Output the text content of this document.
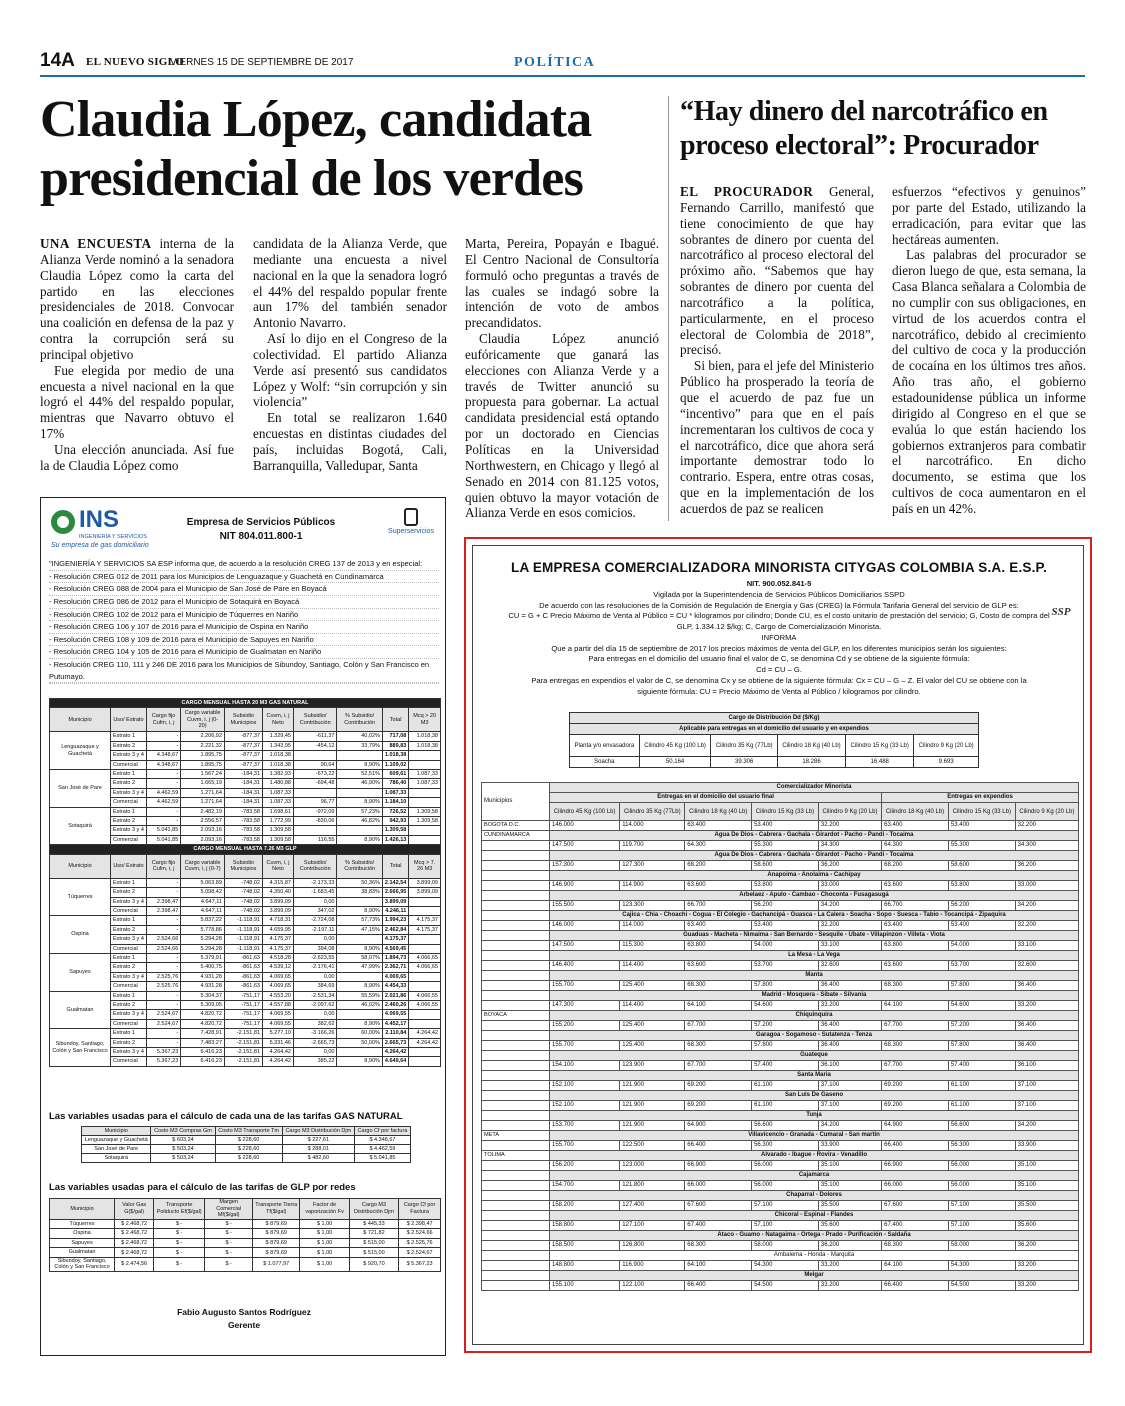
14A EL NUEVO SIGLO
VIERNES 15 DE SEPTIEMBRE DE 2017	POLÍTICA
Claudia López, candidata presidencial de los verdes

UNA ENCUESTA interna de la Alianza Verde nominó a la senadora Claudia López como la carta del partido en las elecciones presidenciales de 2018. Convocar una coalición en defensa de la paz y contra la corrupción será su principal objetivo

Fue elegida por medio de una encuesta a nivel nacional en la que logró el 44% del respaldo popular, mientras que Navarro obtuvo el 17%

Una elección anunciada. Así fue la de Claudia López como

candidata de la Alianza Verde, que mediante una encuesta a nivel nacional en la que la senadora logró el 44% del respaldo popular frente aun 17% del también senador Antonio Navarro.

Así lo dijo en el Congreso de la colectividad. El partido Alianza Verde así presentó sus candidatos López y Wolf: “sin corrupción y sin violencia”

En total se realizaron 1.640 encuestas en distintas ciudades del país, incluidas Bogotá, Cali, Barranquilla, Valledupar, Santa

Marta, Pereira, Popayán e Ibagué. El Centro Nacional de Consultoría formuló ocho preguntas a través de las cuales se indagó sobre la intención de voto de ambos precandidatos.

Claudia López anunció eufóricamente que ganará las elecciones con Alianza Verde y a través de Twitter anunció su propuesta para gobernar. La actual candidata presidencial está optando por un doctorado en Ciencias Políticas en la Universidad Northwestern, en Chicago y llegó al Senado en 2014 con 81.125 votos, quien obtuvo la mayor votación de Alianza Verde en esos comicios.

“Hay dinero del narcotráfico en proceso electoral”: Procurador

EL PROCURADOR General, Fernando Carrillo, manifestó que tiene conocimiento de que hay sobrantes de dinero por cuenta del narcotráfico al proceso electoral del próximo año. “Sabemos que hay sobrantes de dinero por cuenta del narcotráfico a la política, particularmente, en el proceso electoral de Colombia de 2018”, precisó.

Si bien, para el jefe del Ministerio Público ha prosperado la teoría de que el acuerdo de paz fue un “incentivo” para que en el país incrementaran los cultivos de coca y el narcotráfico, dice que ahora será importante demostrar todo lo contrario. Espera, entre otras cosas, que en la implementación de los acuerdos de paz se realicen

esfuerzos “efectivos y genuinos” por parte del Estado, utilizando la erradicación, para evitar que las hectáreas aumenten.

Las palabras del procurador se dieron luego de que, esta semana, la Casa Blanca señalara a Colombia de no cumplir con sus obligaciones, en virtud de los acuerdos contra el narcotráfico, debido al crecimiento del cultivo de coca y la producción de cocaína en los últimos tres años. Año tras año, el gobierno estadounidense pública un informe dirigido al Congreso en el que se evalúa lo que están haciendo los gobiernos extranjeros para combatir el narcotráfico. En dicho documento, se estima que los cultivos de coca aumentaron en el país en un 42%.

INS
INGENIERÍA Y SERVICIOS
Su empresa de gas domiciliario
Empresa de Servicios Públicos
NIT 804.011.800-1	Superservicios
"INGENIERÍA Y SERVICIOS SA ESP informa que, de acuerdo a la resolución CREG 137 de 2013 y en especial:
- Resolución CREG 012 de 2011 para los Municipios de Lenguazaque y Guachetá en Cundinamarca
- Resolución CREG 088 de 2004 para el Municipio de San José de Pare en Boyacá
- Resolución CREG 086 de 2012 para el Municipio de Sotaquirá en Boyacá
- Resolución CREG 102 de 2012 para el Municipio de Túquerres en Nariño
- Resolución CREG 106 y 107 de 2016 para el Municipio de Ospina en Nariño
- Resolución CREG 108 y 109 de 2016 para el Municipio de Sapuyes en Nariño
- Resolución CREG 104 y 105 de 2016 para el Municipio de Gualmatan en Nariño
- Resolución CREG 110, 111 y 246 DE 2016 para los Municipios de Sibundoy, Santiago, Colón y San Francisco en Putumayo.
CARGO MENSUAL HASTA 20 M3 GAS NATURAL									
Municipio	Uso/ Estrato	Cargo fijo Cufm, i, j	Cargo variable Cuvm, i, j (0-20)	Subsidio Municipios	Cuvm, i, j Neto	Subsidio/ Contribución	% Subsidio/ Contribución	Total	Mcq > 20 M3
Lenguazaque y Guachetá	Estrato 1	-	2.206,92	-877,37	1.329,45	-611,37	40,02%	717,08	1.018,38
	Estrato 2	-	2.221,32	-877,37	1.343,95	-454,12	33,79%	889,83	1.018,38
	Estrato 3 y 4	4.348,67	1.895,75	-877,37	1.018,38			1.018,38	
	Comercial	4.348,67	1.895,75	-877,37	1.018,38	90,64	8,90%	1.109,02	
San José de Pare	Estrato 1	-	1.567,24	-184,31	1.382,93	-673,22	52,51%	609,61	1.087,33
	Estrato 2	-	1.665,19	-184,31	1.480,88	-694,48	46,90%	786,40	1.087,33
	Estrato 3 y 4	4.462,59	1.271,64	-184,31	1.087,33			1.087,33	
	Comercial	4.462,59	1.271,64	-184,31	1.087,33	96,77	8,90%	1.184,10	
Sotaquirá	Estrato 1	-	2.482,19	-783,58	1.698,61	-972,09	57,23%	726,52	1.309,58
	Estrato 2	-	2.556,57	-783,58	1.772,99	-830,06	46,82%	942,93	1.309,58
	Estrato 3 y 4	5.041,85	2.093,16	-783,58	1.309,58			1.309,58	
	Comercial	5.041,85	2.093,16	-783,58	1.309,58	116,55	8,90%	1.426,13	
CARGO MENSUAL HASTA 7.26 M3 GLP									
Municipio	Uso/ Estrato	Cargo fijo Cufm, i, j	Cargo variable Cuvm, i, j (0-7)	Subsidio Municipios	Cuvm, i, j Neto	Subsidio/ Contribución	% Subsidio/ Contribución	Total	Mcq > 7. 26 M3
Túquerres	Estrato 1	-	5.063,89	-748,02	4.315,87	-2.173,33	50,36%	2.142,54	3.899,09
	Estrato 2	-	5.098,42	-748,02	4.350,40	-1.683,45	38,83%	2.666,95	3.899,09
	Estrato 3 y 4	2.398,47	4.647,11	-748,02	3.899,09	0,00		3.899,09	
	Comercial	2.398,47	4.647,11	-748,02	3.899,09	347,02	8,90%	4.246,11	
Ospina	Estrato 1	-	5.837,22	-1.118,91	4.718,31	-2.724,08	57,73%	1.994,23	4.175,37
	Estrato 2	-	5.778,86	-1.118,91	4.659,95	-2.197,11	47,15%	2.462,84	4.175,37
	Estrato 3 y 4	2.524,66	5.294,28	-1.118,91	4.175,37	0,00		4.175,37	
	Comercial	2.524,66	5.294,28	-1.118,91	4.175,37	394,08	8,90%	4.569,45	
Sapuyes	Estrato 1	-	5.379,91	-861,63	4.518,28	-2.623,55	58,07%	1.894,73	4.066,65
	Estrato 2	-	5.400,75	-861,63	4.539,12	-2.176,41	47,99%	2.362,71	4.066,65
	Estrato 3 y 4	2.525,76	4.931,28	-861,63	4.069,65	0,00		4.069,65	
	Comercial	2.525,76	4.931,28	-861,63	4.069,65	384,69	8,90%	4.454,33	
Gualmatan	Estrato 1	-	5.304,37	-751,17	4.553,20	-2.531,34	55,59%	2.021,86	4.066,55
	Estrato 2	-	5.309,05	-751,17	4.557,88	-2.097,62	46,02%	2.460,26	4.066,55
	Estrato 3 y 4	2.524,67	4.820,72	-751,17	4.069,55	0,00		4.069,55	
	Comercial	2.524,67	4.820,72	-751,17	4.069,55	382,62	8,90%	4.452,17	
Sibundoy, Santiago, Colón y San Francisco	Estrato 1	-	7.428,91	-2.151,81	5.277,10	-3.166,26	60,00%	2.110,84	4.264,42
	Estrato 2	-	7.483,27	-2.151,81	5.331,46	-2.665,73	50,00%	2.665,73	4.264,42
	Estrato 3 y 4	5.367,23	6.416,23	-2.151,81	4.264,42	0,00		4.264,42	
	Comercial	5.367,23	6.416,23	-2.151,81	4.264,42	385,22	8,90%	4.649,64	
Las variables usadas para el cálculo de cada una de las tarifas GAS NATURAL
Municipio	Costo M3 Compras Gm	Costo M3 Transporte Tm	Cargo M3 Distribución Djm	Cargo Cf por factura
Lenguazaque y Guachetá	$ 603,24	$ 228,60	$ 227,61	$ 4.348,67
San José de Pare	$ 503,24	$ 228,60	$ 288,01	$ 4.462,59
Sotaquirá	$ 503,24	$ 228,60	$ 482,60	$ 5.041,85
Las variables usadas para el cálculo de las tarifas de GLP por redes
Municipio	Valor Gas G($/gal)	Transporte Poliducto Ef($/gal)	Margen Comercial Mf($/gal)	Transporte Tierra Tf($/gal)	Factor de vaporización Fv	Cargo M3 Distribución Djm	Cargo Cf por Factura
Túquerres	$ 2.468,72	$ -	$ -	$ 879,69	$ 1,00	$ 445,33	$ 2.398,47
Ospina	$ 2.468,72	$ -	$ -	$ 879,69	$ 1,00	$ 721,82	$ 2.524,66
Sapuyes	$ 2.468,72	$ -	$ -	$ 879,69	$ 1,00	$ 515,00	$ 2.525,76
Gualmatan	$ 2.468,72	$ -	$ -	$ 879,69	$ 1,00	$ 515,00	$ 2.524,67
Sibundoy, Santiago, Colón y San Francisco	$ 2.474,56	$ -	$ -	$ 1.077,97	$ 1,00	$ 920,70	$ 5.367,23
Fabio Augusto Santos Rodríguez
Gerente
LA EMPRESA COMERCIALIZADORA MINORISTA CITYGAS COLOMBIA S.A. E.S.P.
NIT. 900.052.841-5
Vigilada por la Superintendencia de Servicios Públicos Domiciliarios SSPD
De acuerdo con las resoluciones de la Comisión de Regulación de Energía y Gas (CREG) la Fórmula Tarifaria General del servicio de GLP es:
CU = G + C Precio Máximo de Venta al Público = CU * kilogramos por cilindro; Donde CU, es el costo unitario de prestación del servicio; G, Costo de compra del GLP, 1.334.12 $/kg; C, Cargo de Comercialización Minorista.
INFORMA
Que a partir del día 15 de septiembre de 2017 los precios máximos de venta del GLP, en los diferentes municipios serán los siguientes:
Para entregas en el domicilio del usuario final el valor de C, se denomina Cd y se obtiene de la siguiente fórmula:
Cd = CU – G.
Para entregas en expendios el valor de C, se denomina Cx y se obtiene de la siguiente fórmula: Cx = CU – G – Z. El valor del CU se obtiene con la siguiente fórmula: CU = Precio Máximo de Venta al Público / kilogramos por cilindro.
SSP
Cargo de Distribución Dd ($/Kg)					
Aplicable para entregas en el domicilio del usuario y en expendios					
Planta y/o envasadora	Cilindro 45 Kg (100 Lb)	Cilindro 35 Kg (77Lb)	Cilindro 18 Kg (40 Lb)	Cilindro 15 Kg (33 Lb)	Cilindro 9 Kg (20 Lb)
Soacha	50.164	39.306	18.286	16.488	9.693
Municipios	Comercializador Minorista							
	Entregas en el domicilio del usuario final					Entregas en expendios		
	Cilindro 45 Kg (100 Lb)	Cilindro 35 Kg (77Lb)	Cilindro 18 Kg (40 Lb)	Cilindro 15 Kg (33 Lb)	Cilindro 9 Kg (20 Lb)	Cilindro 18 Kg (40 Lb)	Cilindro 15 Kg (33 Lb)	Cilindro 9 Kg (20 Lb)
BOGOTA D.C.	146.000	114.000	63.400	53.400	32.200	63.400	53.400	32.200
CUNDINAMARCA	Agua De Dios - Cabrera - Gachala - Girardot - Pacho - Pandi - Tocaima							
	147.500	119.700	64.300	55.300	34.300	64.300	55.300	34.300
	Agua De Dios - Cabrera - Gachala - Girardot - Pacho - Pandi - Tocaima							
	157.300	127.300	68.200	58.600	36.200	68.200	58.600	36.200
	Anapoima - Anolaima - Cachipay							
	146.900	114.900	63.600	53.800	33.000	63.600	53.800	33.000
	Arbelaez - Apulo - Cambao - Choconta - Fusagasugá							
	155.500	123.300	66.700	56.200	34.200	66.700	56.200	34.200
	Cajica - Chia - Choachi - Cogua - El Colegio - Gachancipá - Guasca - La Calera - Soacha - Sopo - Suesca - Tabio - Tocancipá - Zipaquira							
	146.000	114.000	63.400	53.400	32.200	63.400	53.400	32.200
	Guaduas - Macheta - Nimaima - San Bernardo - Sesquile - Ubate - Villapinzon - Villeta - Viota							
	147.500	115.300	63.800	54.000	33.100	63.800	54.000	33.100
	La Mesa - La Vega							
	146.400	114.400	63.600	53.700	32.600	63.600	53.700	32.600
	Manta							
	155.700	125.400	68.300	57.800	36.400	68.300	57.800	36.400
	Madrid - Mosquera - Sibate - Silvania							
	147.300	114.400	64.100	54.600	33.200	64.100	54.600	33.200
BOYACA	Chiquinquira							
	155.200	125.400	67.700	57.200	36.400	67.700	57.200	36.400
	Garagoa - Sogamoso - Sutatenza - Tenza							
	155.700	125.400	68.300	57.800	36.400	68.300	57.800	36.400
	Guateque							
	154.100	123.900	67.700	57.400	36.100	67.700	57.400	36.100
	Santa Maria							
	152.100	121.900	69.200	61.100	37.100	69.200	61.100	37.100
	San Luis De Gaseno							
	152.100	121.900	69.200	61.100	37.100	69.200	61.100	37.100
	Tunja							
	153.700	121.900	64.900	56.600	34.200	64.900	56.600	34.200
META	Villavicencio - Granada - Cumaral - San martin							
	155.700	122.500	66.400	56.300	33.900	66.400	56.300	33.900
TOLIMA	Alvarado - Ibague - Rovira - Venadillo							
	156.200	123.000	66.900	56.000	35.100	66.900	56.000	35.100
	Cajamarca							
	154.700	121.800	66.000	56.000	35.100	66.000	56.000	35.100
	Chaparral - Dolores							
	158.200	127.400	67.600	57.100	35.500	67.600	57.100	35.500
	Chicoral - Espinal - Flandes							
	158.800	127.100	67.400	57.100	35.600	67.400	57.100	35.600
	Ataco - Guamo - Natagaima - Ortega - Prado - Purificación - Saldaña							
	158.500	126.800	68.300	58.000	36.200	68.300	58.000	36.200
	Ambalema - Honda - Marquita							
	148.800	116.900	64.100	54.300	33.200	64.100	54.300	33.200
	Melgar							
	155.100	122.100	66.400	54.500	33.200	66.400	54.500	33.200
